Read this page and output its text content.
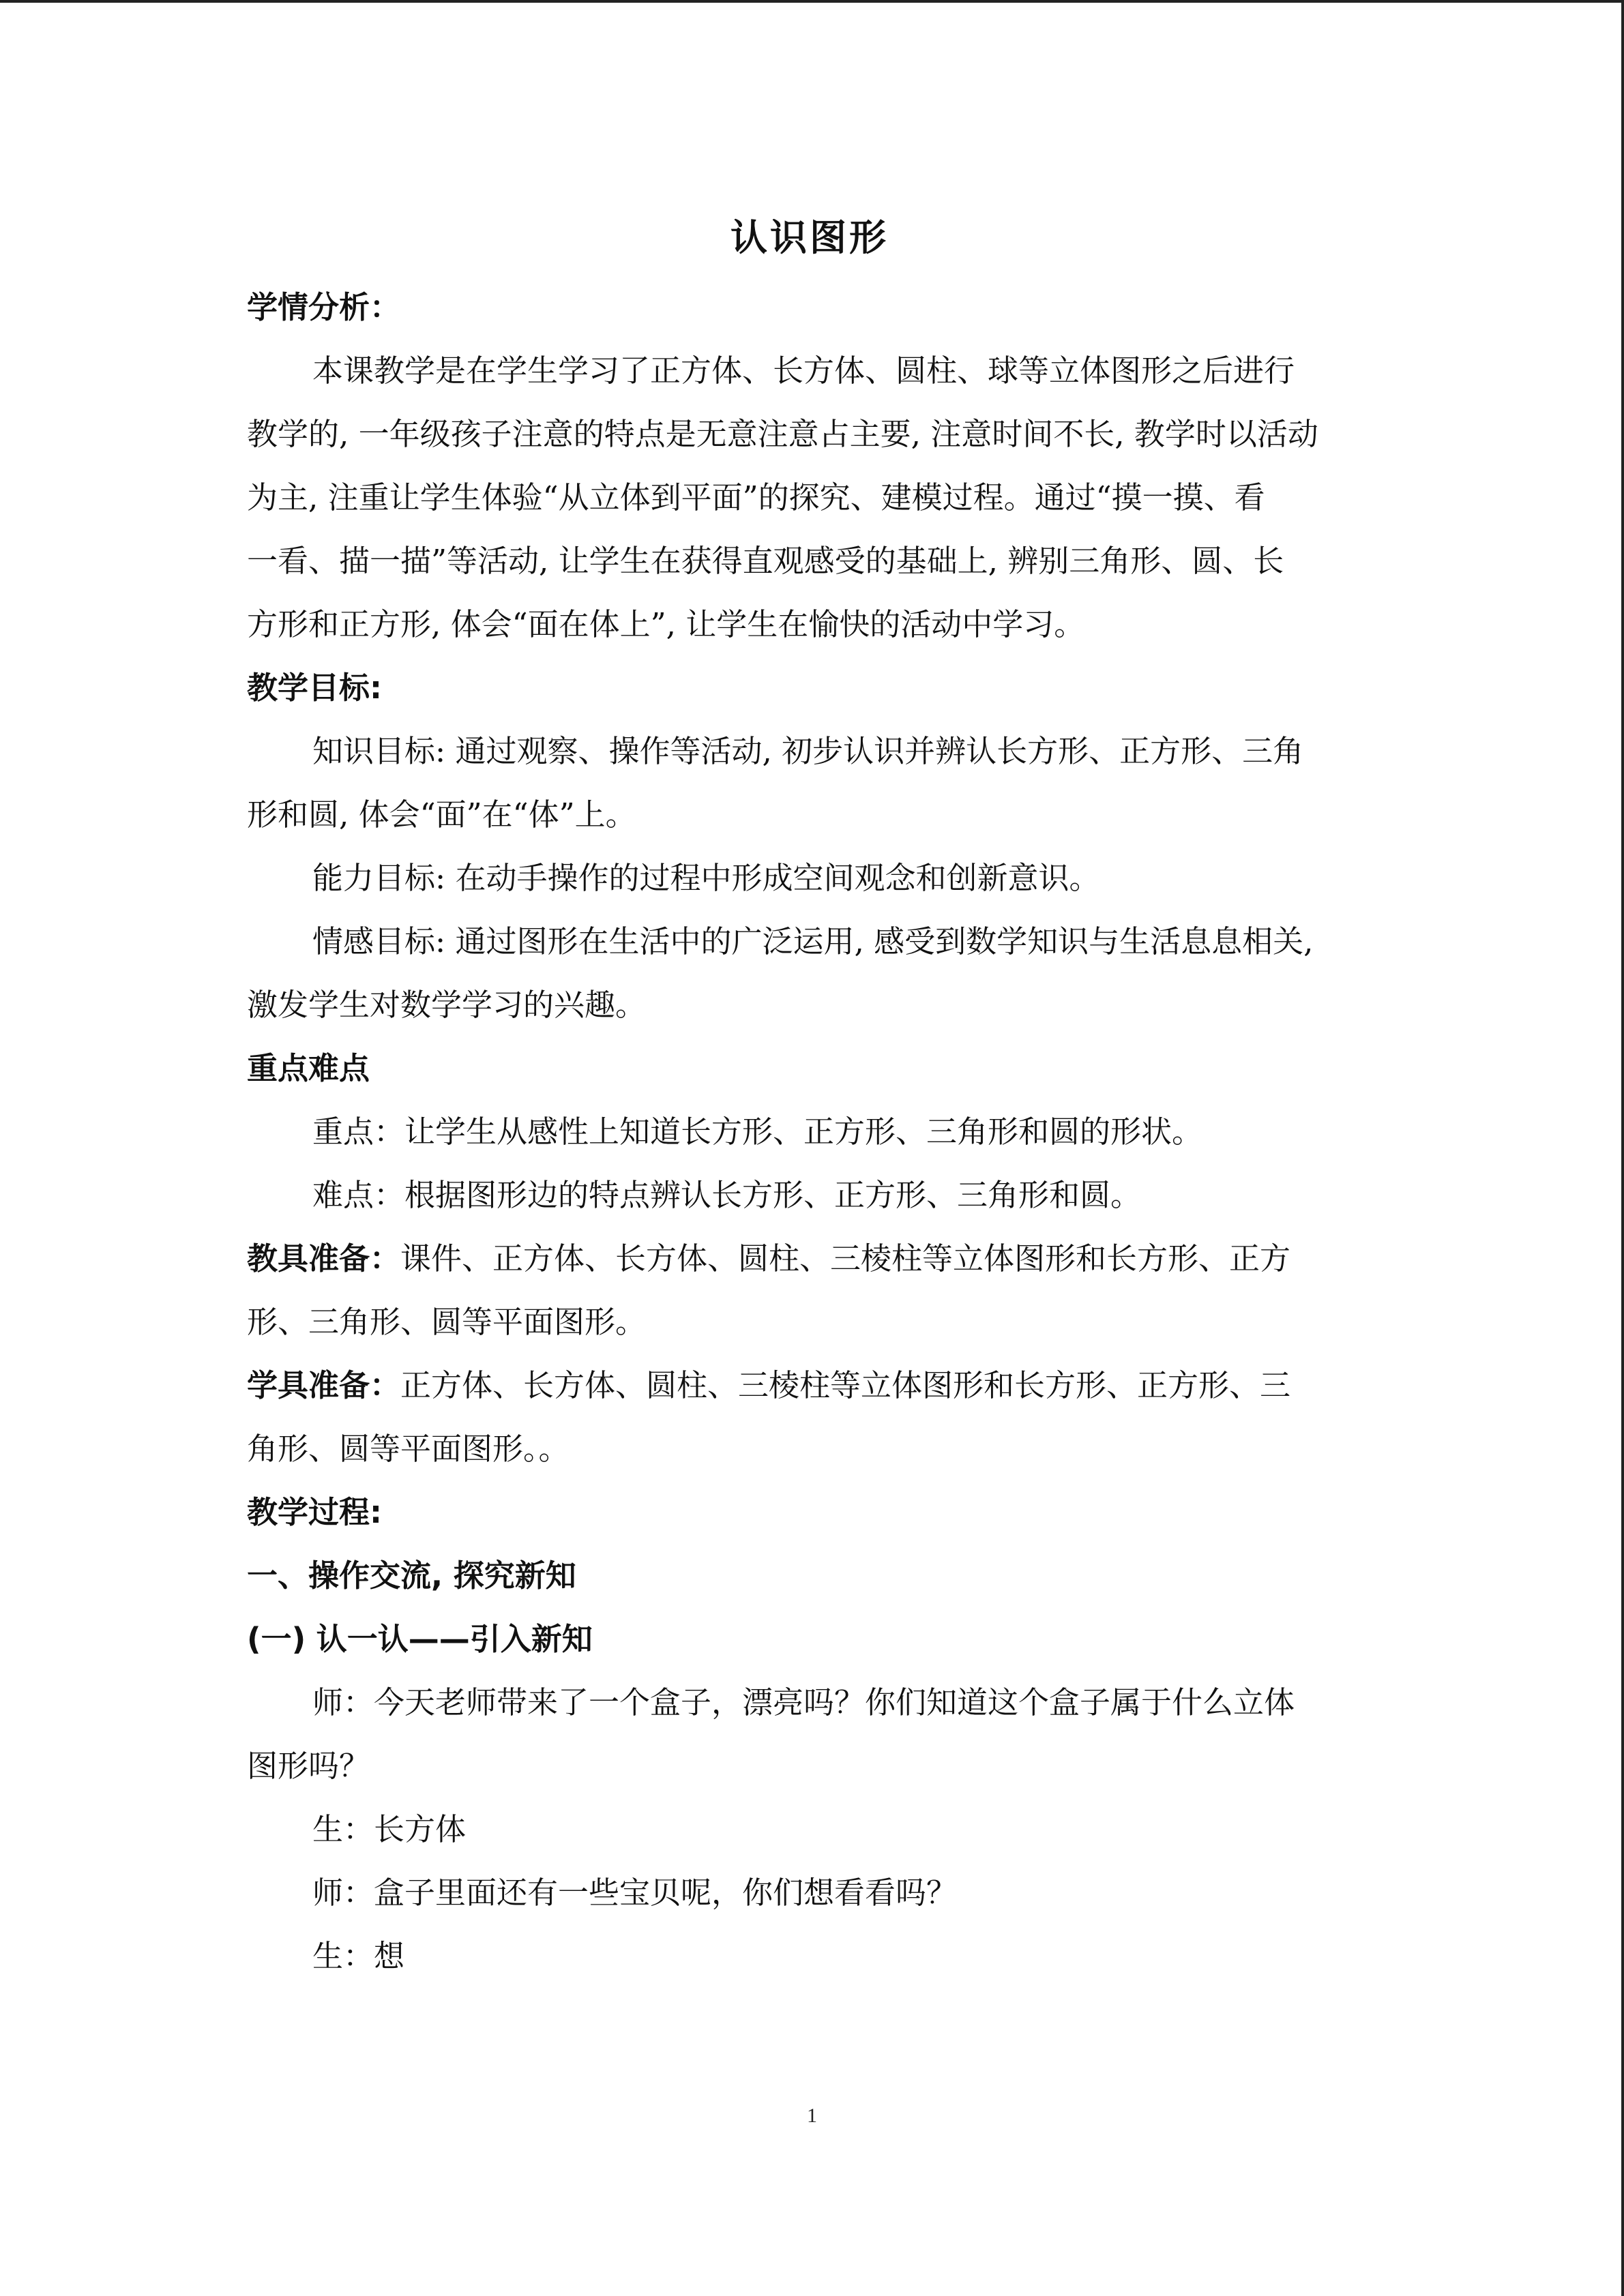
认识图形

学情分析：

本课教学是在学生学习了正方体、长方体、圆柱、球等立体图形之后进行

教学的, 一年级孩子注意的特点是无意注意占主要, 注意时间不长, 教学时以活动

为主, 注重让学生体验“从立体到平面”的探究、建模过程。通过“摸一摸、看

一看、描一描”等活动, 让学生在获得直观感受的基础上, 辨别三角形、圆、长

方形和正方形, 体会“面在体上”, 让学生在愉快的活动中学习。

教学目标:

知识目标: 通过观察、操作等活动, 初步认识并辨认长方形、正方形、三角

形和圆, 体会“面”在“体”上。

能力目标: 在动手操作的过程中形成空间观念和创新意识。

情感目标: 通过图形在生活中的广泛运用, 感受到数学知识与生活息息相关,

激发学生对数学学习的兴趣。

重点难点

重点：让学生从感性上知道长方形、正方形、三角形和圆的形状。

难点：根据图形边的特点辨认长方形、正方形、三角形和圆。

教具准备：课件、正方体、长方体、圆柱、三棱柱等立体图形和长方形、正方

形、三角形、圆等平面图形。

学具准备：正方体、长方体、圆柱、三棱柱等立体图形和长方形、正方形、三

角形、圆等平面图形。。

教学过程:

一、操作交流, 探究新知

(一) 认一认——引入新知

师：今天老师带来了一个盒子，漂亮吗？你们知道这个盒子属于什么立体

图形吗？

生：长方体

师：盒子里面还有一些宝贝呢，你们想看看吗？

生：想

1
